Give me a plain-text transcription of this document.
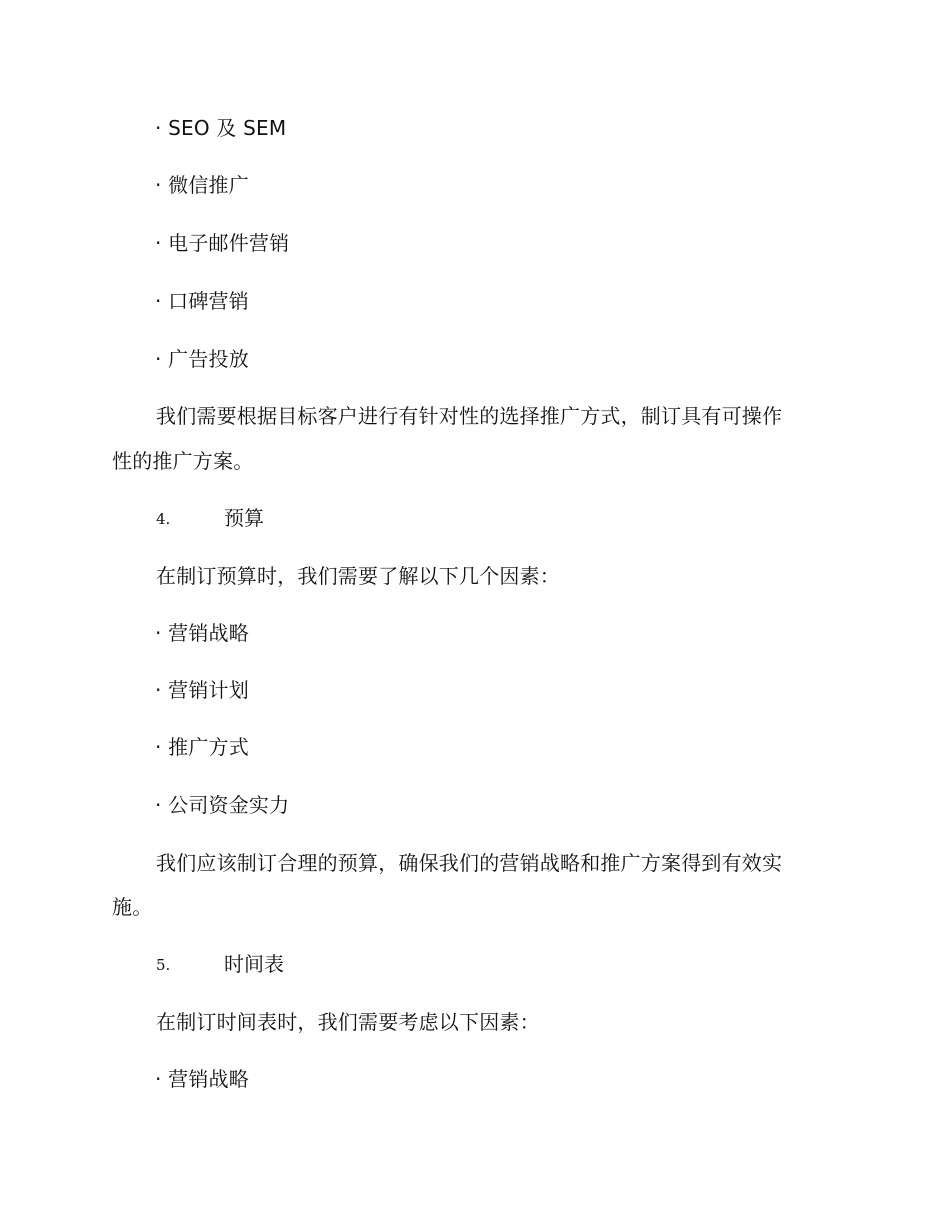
· SEO 及 SEM
· 微信推广
· 电子邮件营销
· 口碑营销
· 广告投放
我们需要根据目标客户进行有针对性的选择推广方式，制订具有可操作
性的推广方案。
4.	预算
在制订预算时，我们需要了解以下几个因素：
· 营销战略
· 营销计划
· 推广方式
· 公司资金实力
我们应该制订合理的预算，确保我们的营销战略和推广方案得到有效实
施。
5.	时间表
在制订时间表时，我们需要考虑以下因素：
· 营销战略
